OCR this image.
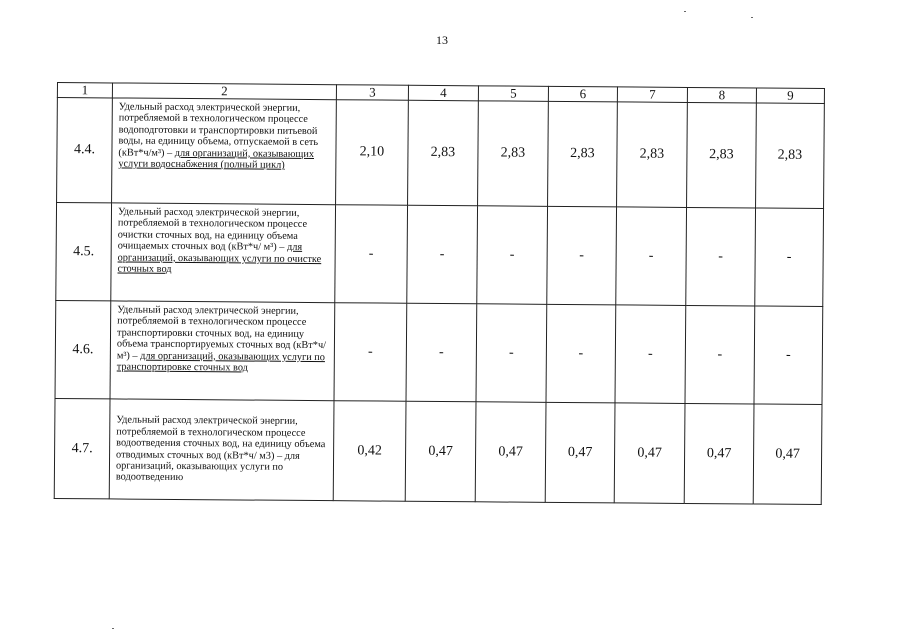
13
1	2	3	4	5	6	7	8	9
4.4.	Удельный расход электрической энергии, потребляемой в технологическом процессе водоподготовки и транспортировки питьевой воды, на единицу объема, отпускаемой в сеть (кВт*ч/м³) – для организаций, оказывающих услуги водоснабжения (полный цикл)	2,10	2,83	2,83	2,83	2,83	2,83	2,83
4.5.	Удельный расход электрической энергии, потребляемой в технологическом процессе очистки сточных вод, на единицу объема очищаемых сточных вод (кВт*ч/ м³) – для организаций, оказывающих услуги по очистке сточных вод	-	-	-	-	-	-	-
4.6.	Удельный расход электрической энергии, потребляемой в технологическом процессе транспортировки сточных вод, на единицу объема транспортируемых сточных вод (кВт*ч/ м³) – для организаций, оказывающих услуги по транспортировке сточных вод	-	-	-	-	-	-	-
4.7.	Удельный расход электрической энергии, потребляемой в технологическом процессе водоотведения сточных вод, на единицу объема отводимых сточных вод (кВт*ч/ м3) – для организаций, оказывающих услуги по водоотведению	0,42	0,47	0,47	0,47	0,47	0,47	0,47
